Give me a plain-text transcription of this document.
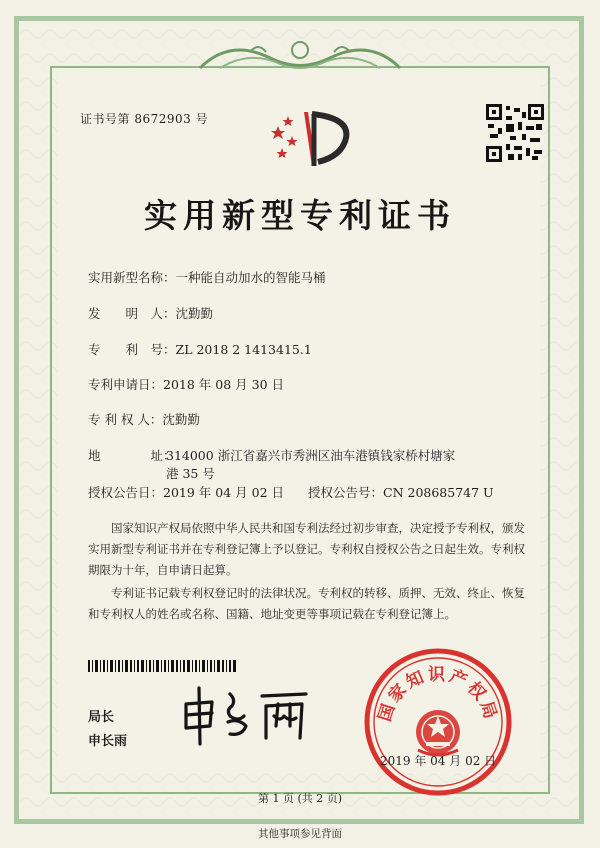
证书号第 8672903 号
实用新型专利证书
实用新型名称：一种能自动加水的智能马桶
发　　明　人：沈勤勤
专　　利　号：ZL 2018 2 1413415.1
专利申请日：2018 年 08 月 30 日
专 利 权 人：沈勤勤
地　　　　址：
314000 浙江省嘉兴市秀洲区油车港镇钱家桥村塘家港 35 号
授权公告日：2019 年 04 月 02 日 授权公告号：CN 208685747 U
国家知识产权局依照中华人民共和国专利法经过初步审查，决定授予专利权，颁发实用新型专利证书并在专利登记簿上予以登记。专利权自授权公告之日起生效。专利权期限为十年，自申请日起算。
专利证书记载专利权登记时的法律状况。专利权的转移、质押、无效、终止、恢复和专利权人的姓名或名称、国籍、地址变更等事项记载在专利登记簿上。
局长
申长雨
国家知识产权局
2019 年 04 月 02 日
第 1 页 (共 2 页)
其他事项参见背面
